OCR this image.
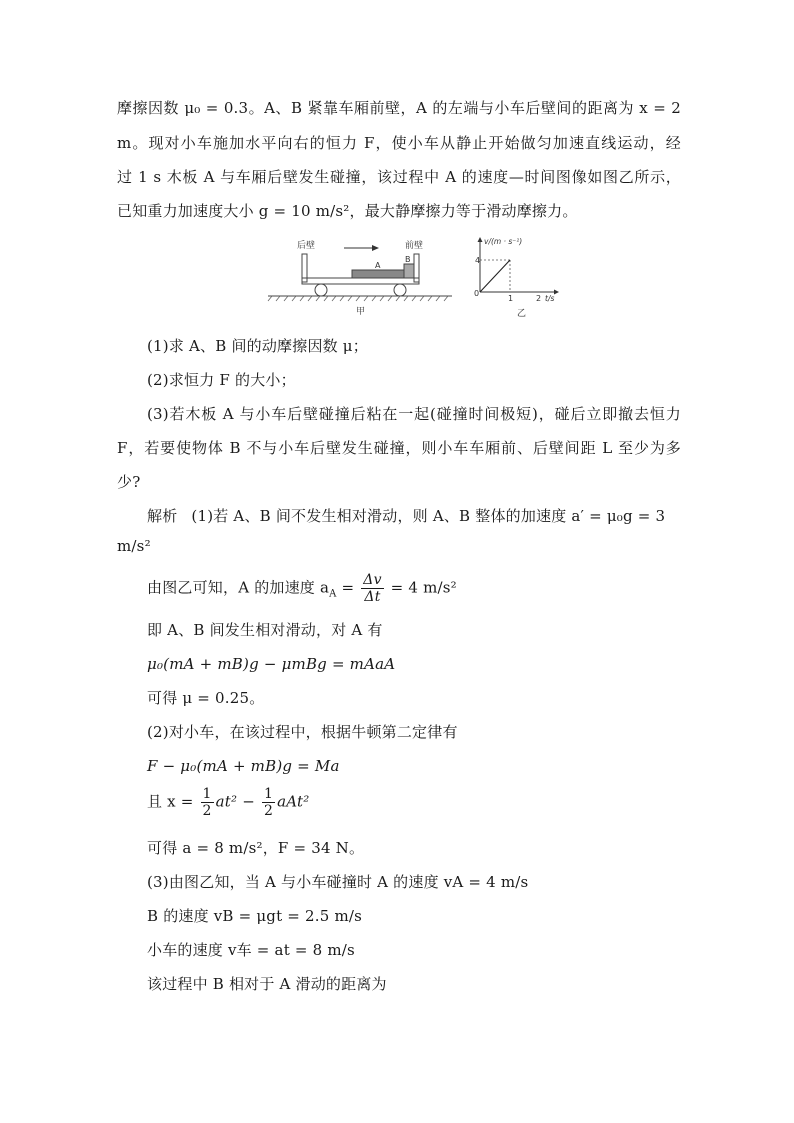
摩擦因数 μ₀ = 0.3。A、B 紧靠车厢前壁，A 的左端与小车后壁间的距离为 x = 2
m。现对小车施加水平向右的恒力 F，使小车从静止开始做匀加速直线运动，经
过 1 s 木板 A 与车厢后壁发生碰撞，该过程中 A 的速度—时间图像如图乙所示，
已知重力加速度大小 g = 10 m/s²，最大静摩擦力等于滑动摩擦力。
后壁	前壁
A
B
甲
4
0
1	2
v/(m · s⁻¹)
t/s
乙
(1)求 A、B 间的动摩擦因数 μ；
(2)求恒力 F 的大小；
(3)若木板 A 与小车后壁碰撞后粘在一起(碰撞时间极短)，碰后立即撤去恒力
F，若要使物体 B 不与小车后壁发生碰撞，则小车车厢前、后壁间距 L 至少为多
少?
解析 (1)若 A、B 间不发生相对滑动，则 A、B 整体的加速度 a′ = μ₀g = 3
m/s²
由图乙可知，A 的加速度 $a_A = \frac{\Delta v}{\Delta t} = 4$ m/s²
即 A、B 间发生相对滑动，对 A 有
μ₀(mA + mB)g − μmBg = mAaA
可得 μ = 0.25。
(2)对小车，在该过程中，根据牛顿第二定律有
F − μ₀(mA + mB)g = Ma
且 $x = \frac{1}{2} at^2 - \frac{1}{2} aAt^2$
可得 a = 8 m/s²，F = 34 N。
(3)由图乙知，当 A 与小车碰撞时 A 的速度 vA = 4 m/s
B 的速度 vB = μgt = 2.5 m/s
小车的速度 v车 = at = 8 m/s
该过程中 B 相对于 A 滑动的距离为
